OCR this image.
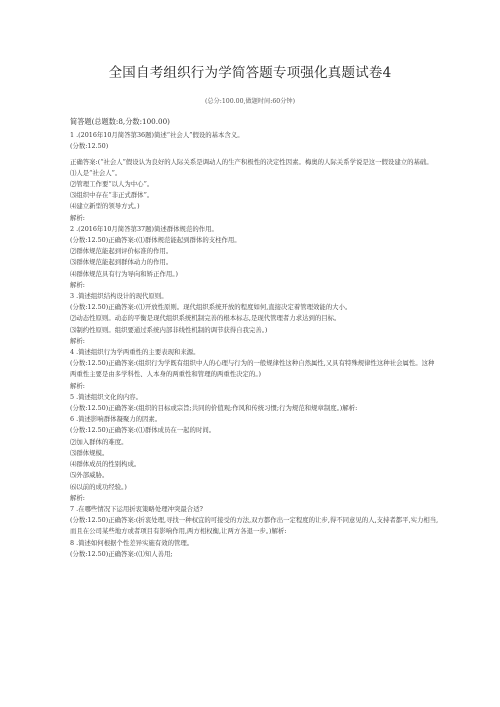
全国自考组织行为学简答题专项强化真题试卷4
(总分:100.00,做题时间:60分钟)
简答题(总题数:8,分数:100.00)
1 .(2016年10月简答第36题)简述“社会人”假设的基本含义。
(分数:12.50)
正确答案:(“社会人”假设认为良好的人际关系是调动人的生产积极性的决定性因素。梅奥的人际关系学说是这一假设建立的基础。
⑴人是“社会人”。
⑵管理工作要“以人为中心”。
⑶组织中存在“非正式群体”。
⑷建立新型的领导方式。)
解析:
2 .(2016年10月简答第37题)简述群体规范的作用。
(分数:12.50)正确答案:(⑴群体规范能起到群体的支柱作用。
⑵群体规范能起到评价标准的作用。
⑶群体规范能起到群体动力的作用。
⑷群体规范具有行为导向和矫正作用。)
解析:
3 .简述组织结构设计的现代原则。
(分数:12.50)正确答案:(⑴开放性原则。现代组织系统开放的程度如何,直接决定着管理效能的大小。
⑵动态性原则。动态的平衡是现代组织系统机制完善的根本标志,是现代管理者力求达到的目标。
⑶制约性原则。组织要通过系统内部非线性机制的调节获得自我完善。)
解析:
4 .简述组织行为学两重性的主要表现和来源。
(分数:12.50)正确答案:(组织行为学既有组织中人的心理与行为的一般规律性这种自然属性,又具有特殊规律性这种社会属性。这种两重性主要是由多学科性、人本身的两重性和管理的两重性决定的。)
解析:
5 .简述组织文化的内容。
(分数:12.50)正确答案:(组织的目标或宗旨;共同的价值观;作风和传统习惯;行为规范和规章制度。)解析:
6 .简述影响群体凝聚力的因素。
(分数:12.50)正确答案:(⑴群体成员在一起的时间。
⑵加入群体的难度。
⑶群体规模。
⑷群体成员的性别构成。
⑸外部威胁。
⑹以前的成功经验。)
解析:
7 .在哪些情况下运用折衷策略处理冲突最合适?
(分数:12.50)正确答案:(折衷处理,寻找一种权宜的可接受的方法,双方都作出一定程度的让步,得不同意见的人,支持者都平,实力相当,而且在公司某些地方或者项目有影响作用,两方相权衡,让两方各退一步。)解析:
8 .简述如何根据个性差异实施有效的管理。
(分数:12.50)正确答案:(⑴知人善用;
